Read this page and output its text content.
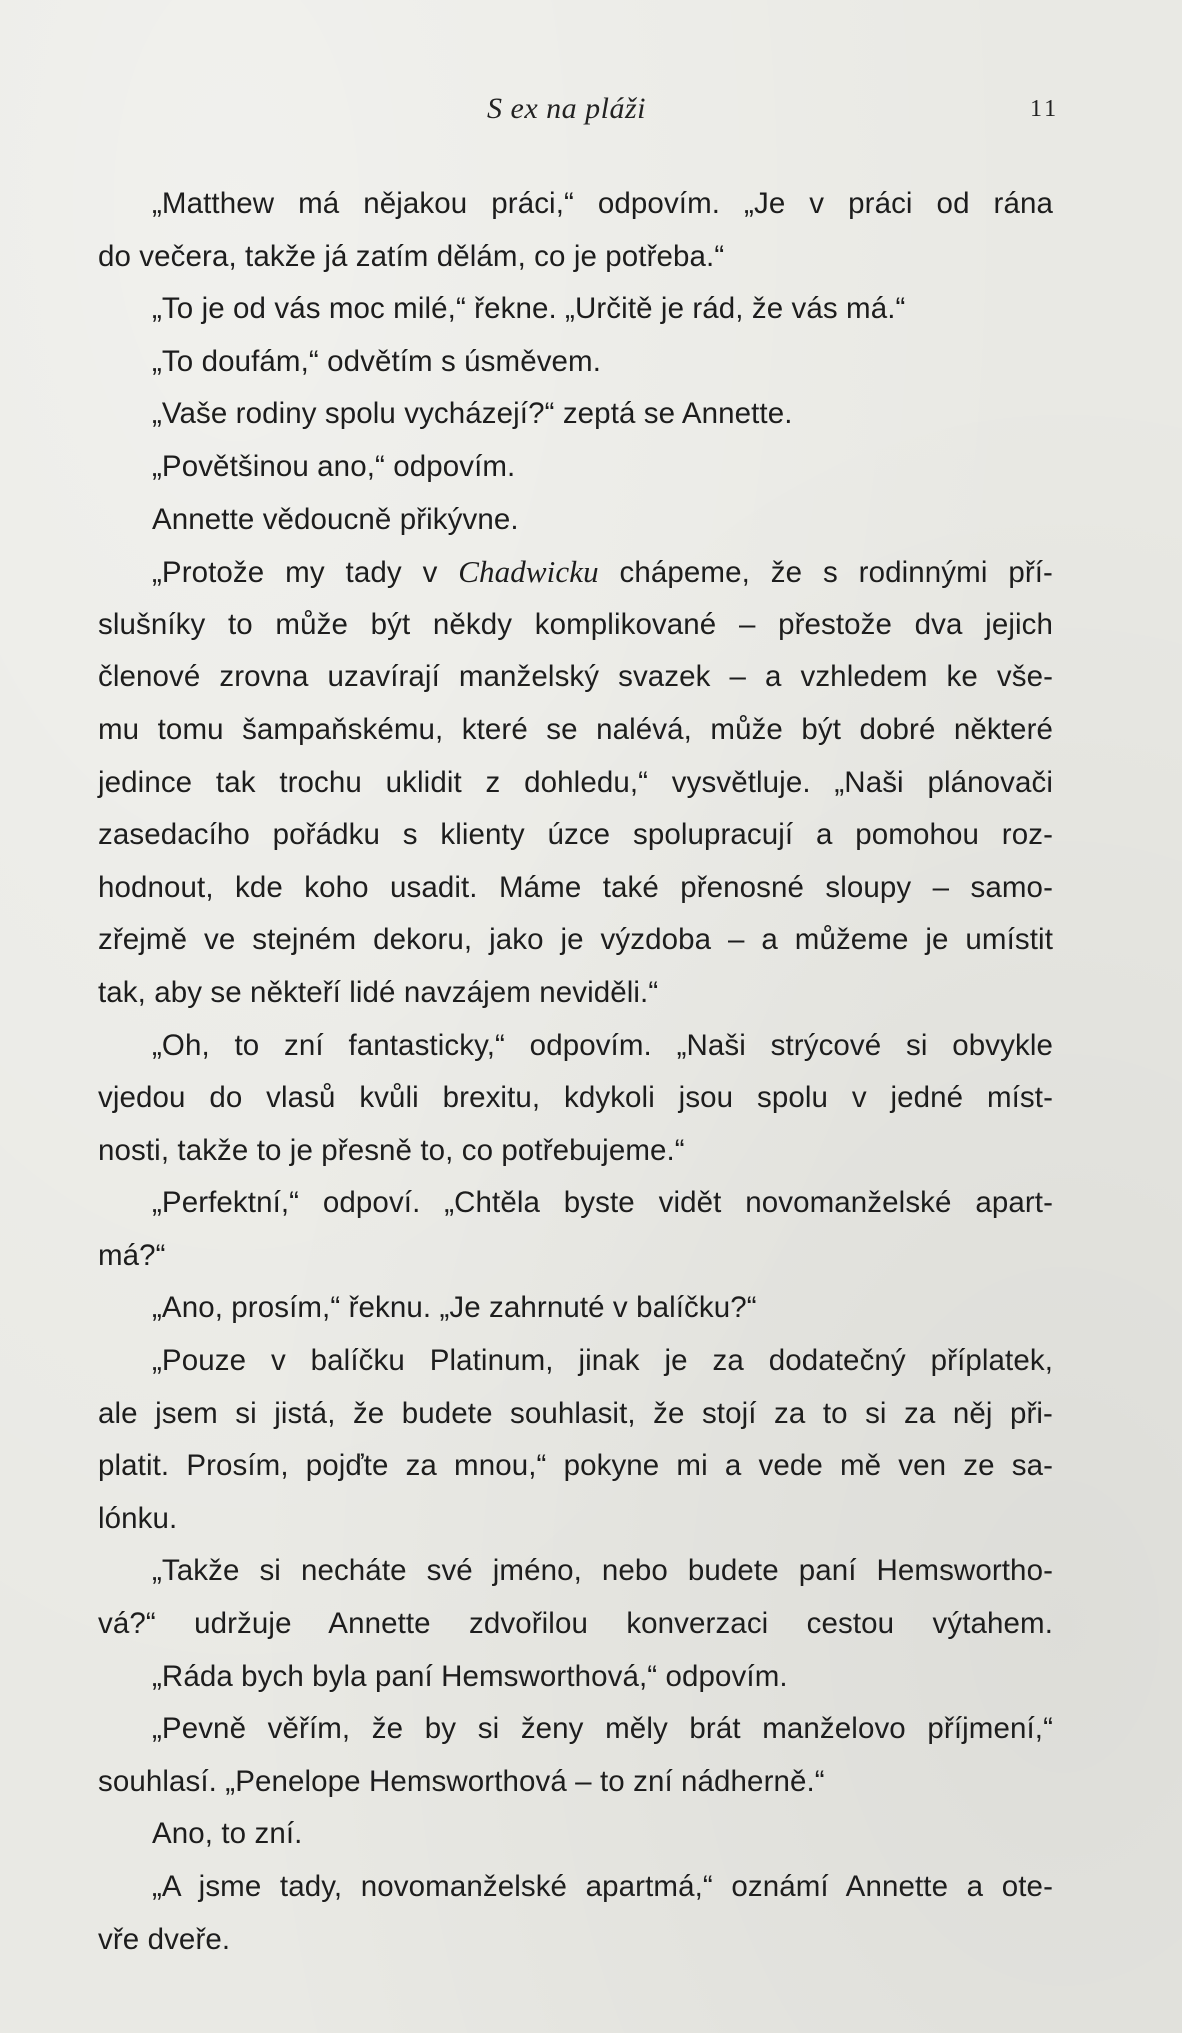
S ex na pláži	11
„Matthew má nějakou práci,“ odpovím. „Je v práci od rána
do večera, takže já zatím dělám, co je potřeba.“
„To je od vás moc milé,“ řekne. „Určitě je rád, že vás má.“
„To doufám,“ odvětím s úsměvem.
„Vaše rodiny spolu vycházejí?“ zeptá se Annette.
„Povětšinou ano,“ odpovím.
Annette vědoucně přikývne.
„Protože my tady v Chadwicku chápeme, že s rodinnými pří-
slušníky to může být někdy komplikované – přestože dva jejich
členové zrovna uzavírají manželský svazek – a vzhledem ke vše-
mu tomu šampaňskému, které se nalévá, může být dobré některé
jedince tak trochu uklidit z dohledu,“ vysvětluje. „Naši plánovači
zasedacího pořádku s klienty úzce spolupracují a pomohou roz-
hodnout, kde koho usadit. Máme také přenosné sloupy – samo-
zřejmě ve stejném dekoru, jako je výzdoba – a můžeme je umístit
tak, aby se někteří lidé navzájem neviděli.“
„Oh, to zní fantasticky,“ odpovím. „Naši strýcové si obvykle
vjedou do vlasů kvůli brexitu, kdykoli jsou spolu v jedné míst-
nosti, takže to je přesně to, co potřebujeme.“
„Perfektní,“ odpoví. „Chtěla byste vidět novomanželské apart-
má?“
„Ano, prosím,“ řeknu. „Je zahrnuté v balíčku?“
„Pouze v balíčku Platinum, jinak je za dodatečný příplatek,
ale jsem si jistá, že budete souhlasit, že stojí za to si za něj při-
platit. Prosím, pojďte za mnou,“ pokyne mi a vede mě ven ze sa-
lónku.
„Takže si necháte své jméno, nebo budete paní Hemswortho-
vá?“ udržuje Annette zdvořilou konverzaci cestou výtahem.
„Ráda bych byla paní Hemsworthová,“ odpovím.
„Pevně věřím, že by si ženy měly brát manželovo příjmení,“
souhlasí. „Penelope Hemsworthová – to zní nádherně.“
Ano, to zní.
„A jsme tady, novomanželské apartmá,“ oznámí Annette a ote-
vře dveře.
